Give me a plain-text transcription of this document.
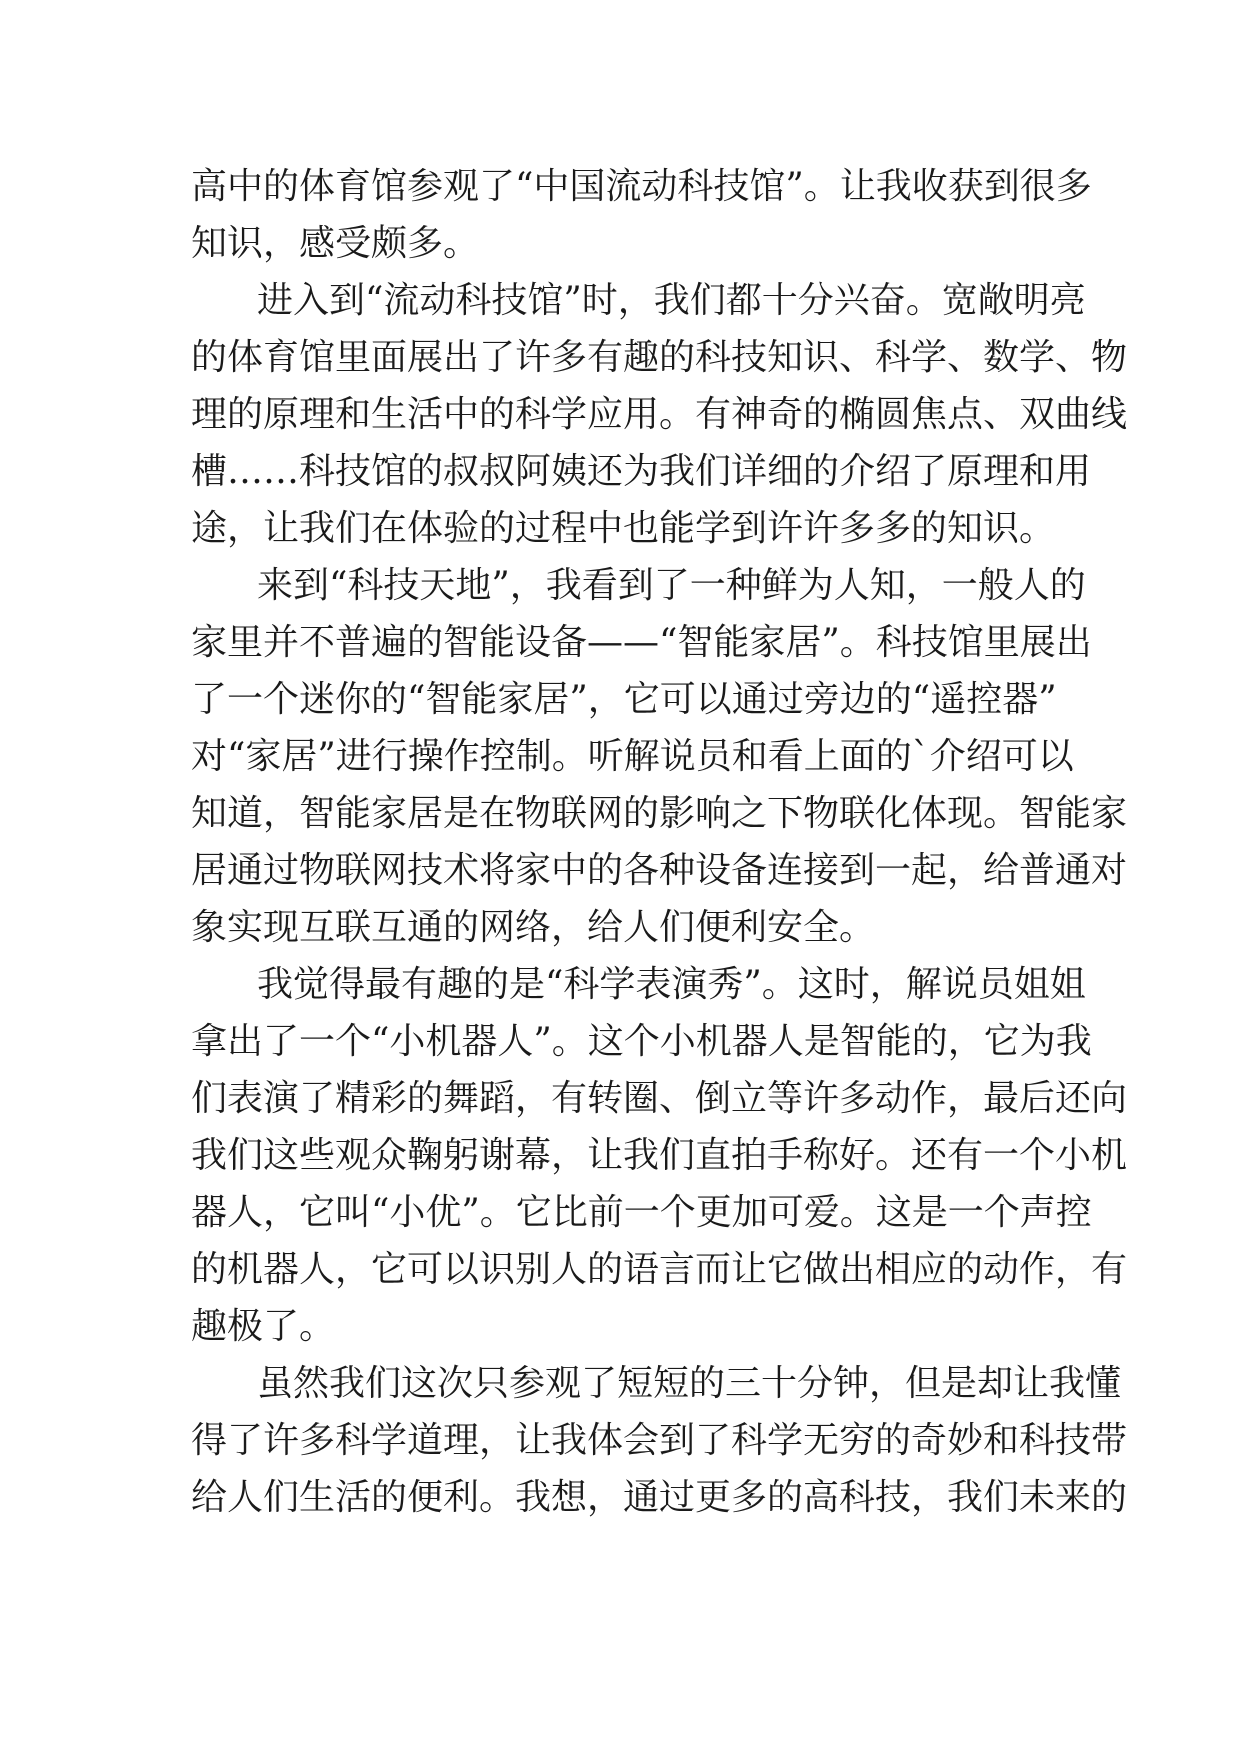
高中的体育馆参观了“中国流动科技馆”。让我收获到很多
知识，感受颇多。
进入到“流动科技馆”时，我们都十分兴奋。宽敞明亮
的体育馆里面展出了许多有趣的科技知识、科学、数学、物
理的原理和生活中的科学应用。有神奇的椭圆焦点、双曲线
槽……科技馆的叔叔阿姨还为我们详细的介绍了原理和用
途，让我们在体验的过程中也能学到许许多多的知识。
来到“科技天地”，我看到了一种鲜为人知，一般人的
家里并不普遍的智能设备——“智能家居”。科技馆里展出
了一个迷你的“智能家居”，它可以通过旁边的“遥控器”
对“家居”进行操作控制。听解说员和看上面的`介绍可以
知道，智能家居是在物联网的影响之下物联化体现。智能家
居通过物联网技术将家中的各种设备连接到一起，给普通对
象实现互联互通的网络，给人们便利安全。
我觉得最有趣的是“科学表演秀”。这时，解说员姐姐
拿出了一个“小机器人”。这个小机器人是智能的，它为我
们表演了精彩的舞蹈，有转圈、倒立等许多动作，最后还向
我们这些观众鞠躬谢幕，让我们直拍手称好。还有一个小机
器人，它叫“小优”。它比前一个更加可爱。这是一个声控
的机器人，它可以识别人的语言而让它做出相应的动作，有
趣极了。
虽然我们这次只参观了短短的三十分钟，但是却让我懂
得了许多科学道理，让我体会到了科学无穷的奇妙和科技带
给人们生活的便利。我想，通过更多的高科技，我们未来的
